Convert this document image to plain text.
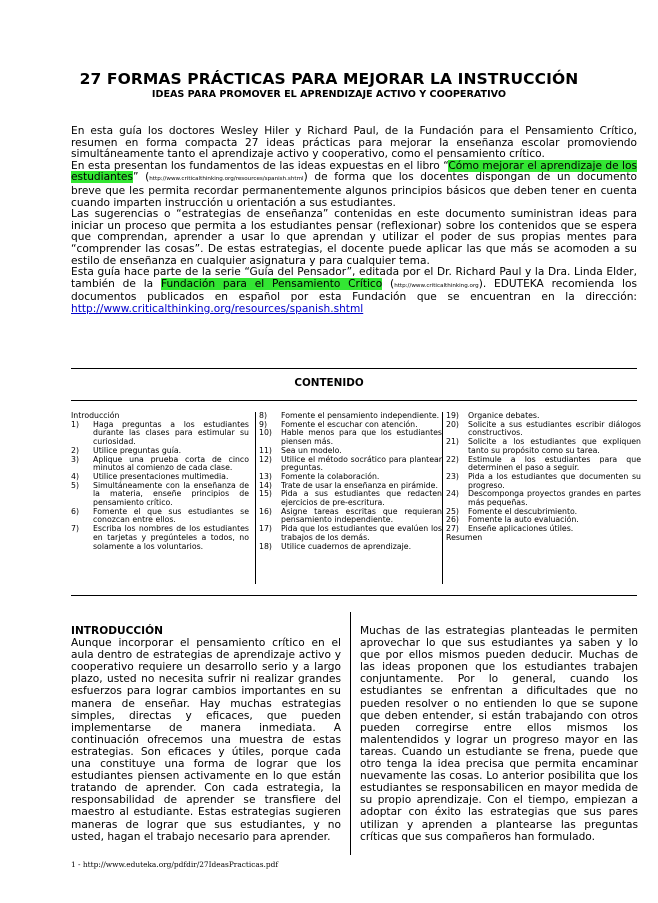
27 FORMAS PRÁCTICAS PARA MEJORAR LA INSTRUCCIÓN
IDEAS PARA PROMOVER EL APRENDIZAJE ACTIVO Y COOPERATIVO

En esta guía los doctores Wesley Hiler y Richard Paul, de la Fundación para el Pensamiento Crítico, resumen en forma compacta 27 ideas prácticas para mejorar la enseñanza escolar promoviendo simultáneamente tanto el aprendizaje activo y cooperativo, como el pensamiento crítico.

En esta presentan los fundamentos de las ideas expuestas en el libro “Cómo mejorar el aprendizaje de los estudiantes” (http://www.criticalthinking.org/resources/spanish.shtml) de forma que los docentes dispongan de un documento breve que les permita recordar permanentemente algunos principios básicos que deben tener en cuenta cuando imparten instrucción u orientación a sus estudiantes.

Las sugerencias o “estrategias de enseñanza” contenidas en este documento suministran ideas para iniciar un proceso que permita a los estudiantes pensar (reflexionar) sobre los contenidos que se espera que comprendan, aprender a usar lo que aprendan y utilizar el poder de sus propias mentes para “comprender las cosas”. De estas estrategias, el docente puede aplicar las que más se acomoden a su estilo de enseñanza en cualquier asignatura y para cualquier tema.

Esta guía hace parte de la serie “Guía del Pensador”, editada por el Dr. Richard Paul y la Dra. Linda Elder, también de la Fundación para el Pensamiento Crítico (http://www.criticalthinking.org). EDUTEKA recomienda los documentos publicados en español por esta Fundación que se encuentran en la dirección: http://www.criticalthinking.org/resources/spanish.shtml

CONTENIDO
Introducción
1)	Haga preguntas a los estudiantes durante las clases para estimular su curiosidad.
2)	Utilice preguntas guía.
3)	Aplique una prueba corta de cinco minutos al comienzo de cada clase.
4)	Utilice presentaciones multimedia.
5)	Simultáneamente con la enseñanza de la materia, enseñe principios de pensamiento crítico.
6)	Fomente el que sus estudiantes se conozcan entre ellos.
7)	Escriba los nombres de los estudiantes en tarjetas y pregúnteles a todos, no solamente a los voluntarios.
8)	Fomente el pensamiento independiente.
9)	Fomente el escuchar con atención.
10)	Hable menos para que los estudiantes piensen más.
11)	Sea un modelo.
12)	Utilice el método socrático para plantear preguntas.
13)	Fomente la colaboración.
14)	Trate de usar la enseñanza en pirámide.
15)	Pida a sus estudiantes que redacten ejercicios de pre-escritura.
16)	Asigne tareas escritas que requieran pensamiento independiente.
17)	Pida que los estudiantes que evalúen los trabajos de los demás.
18)	Utilice cuadernos de aprendizaje.
19)	Organice debates.
20)	Solicite a sus estudiantes escribir diálogos constructivos.
21)	Solicite a los estudiantes que expliquen tanto su propósito como su tarea.
22)	Estimule a los estudiantes para que determinen el paso a seguir.
23)	Pida a los estudiantes que documenten su progreso.
24)	Descomponga proyectos grandes en partes más pequeñas.
25)	Fomente el descubrimiento.
26)	Fomente la auto evaluación.
27)	Enseñe aplicaciones útiles.
Resumen

INTRODUCCIÓN

Aunque incorporar el pensamiento crítico en el aula dentro de estrategias de aprendizaje activo y cooperativo requiere un desarrollo serio y a largo plazo, usted no necesita sufrir ni realizar grandes esfuerzos para lograr cambios importantes en su manera de enseñar. Hay muchas estrategias simples, directas y eficaces, que pueden implementarse de manera inmediata. A continuación ofrecemos una muestra de estas estrategias. Son eficaces y útiles, porque cada una constituye una forma de lograr que los estudiantes piensen activamente en lo que están tratando de aprender. Con cada estrategia, la responsabilidad de aprender se transfiere del maestro al estudiante. Estas estrategias sugieren maneras de lograr que sus estudiantes, y no usted, hagan el trabajo necesario para aprender.

Muchas de las estrategias planteadas le permiten aprovechar lo que sus estudiantes ya saben y lo que por ellos mismos pueden deducir. Muchas de las ideas proponen que los estudiantes trabajen conjuntamente. Por lo general, cuando los estudiantes se enfrentan a dificultades que no pueden resolver o no entienden lo que se supone que deben entender, si están trabajando con otros pueden corregirse entre ellos mismos los malentendidos y lograr un progreso mayor en las tareas. Cuando un estudiante se frena, puede que otro tenga la idea precisa que permita encaminar nuevamente las cosas. Lo anterior posibilita que los estudiantes se responsabilicen en mayor medida de su propio aprendizaje. Con el tiempo, empiezan a adoptar con éxito las estrategias que sus pares utilizan y aprenden a plantearse las preguntas críticas que sus compañeros han formulado.

1 - http://www.eduteka.org/pdfdir/27IdeasPracticas.pdf
